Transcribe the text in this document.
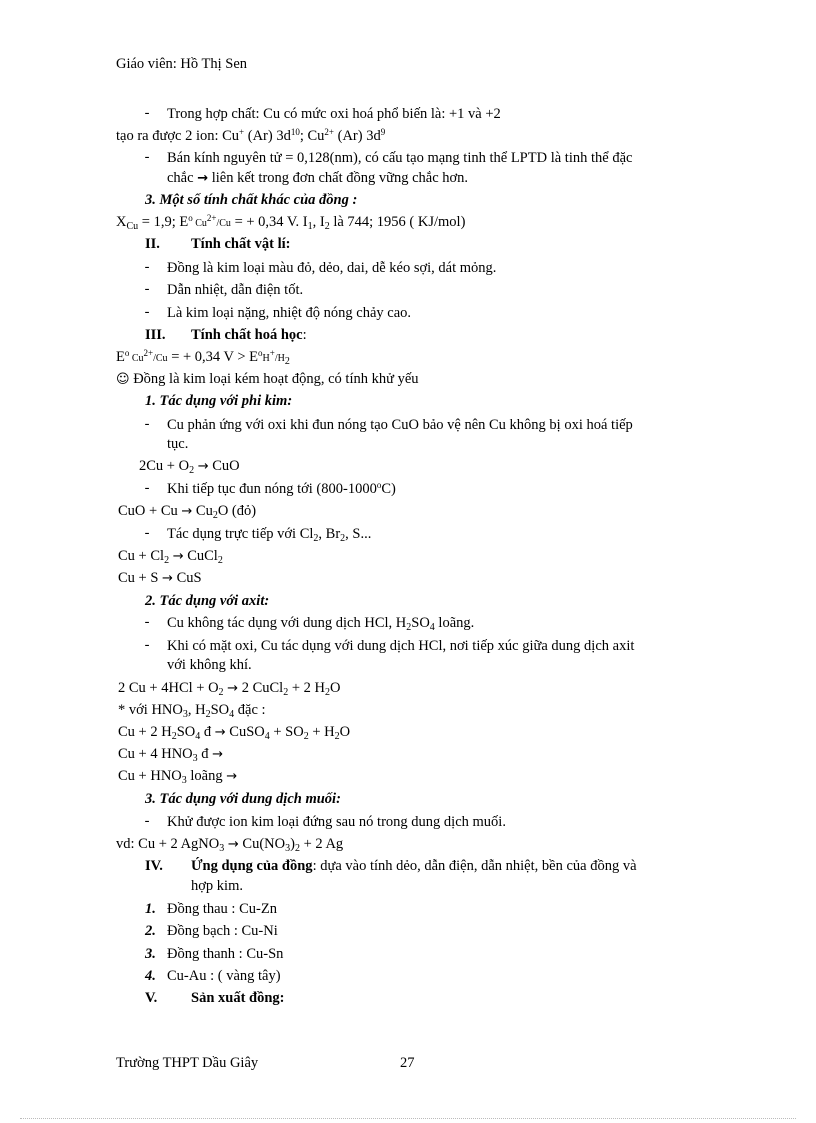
Giáo viên: Hồ Thị Sen
- Trong hợp chất: Cu có mức oxi hoá phổ biến là: +1 và +2
tạo ra được 2 ion: Cu+ (Ar) $3d^{10}$; $Cu^{2+}$ (Ar) $3d^9$
- Bán kính nguyên tử = 0,128(nm), có cấu tạo mạng tinh thể LPTD là tinh thể đặc
chắc → liên kết trong đơn chất đồng vững chắc hơn.
3. Một số tính chất khác của đồng :
$X_{Cu} = 1,9$; $E^o$ $Cu^{2+}/Cu$ = + 0,34 V. $I_1$, $I_2$ là 744; 1956 ( KJ/mol)
II. Tính chất vật lí:
- Đồng là kim loại màu đỏ, dẻo, dai, dễ kéo sợi, dát mỏng.
- Dẫn nhiệt, dẫn điện tốt.
- Là kim loại nặng, nhiệt độ nóng chảy cao.
III. Tính chất hoá học:
$E^o$ $Cu^{2+}/Cu$ = + 0,34 $V > E^oH^+/H_2$
☺ Đồng là kim loại kém hoạt động, có tính khử yếu
1. Tác dụng với phi kim:
- Cu phản ứng với oxi khi đun nóng tạo CuO bảo vệ nên Cu không bị oxi hoá tiếp
tục.
$2Cu + O_2$ → CuO
- Khi tiếp tục đun nóng tới (800-1000$^o$C)
CuO + $Cu \to Cu_2O$ (đỏ)
- Tác dụng trực tiếp với $Cl_2$, $Br_2$, S...
$Cu + Cl_2$ → CuCl$_2$
Cu + S → CuS
2. Tác dụng với axit:
- Cu không tác dụng với dung dịch HCl, $H_2SO_4$ loãng.
- Khi có mặt oxi, Cu tác dụng với dung dịch HCl, nơi tiếp xúc giữa dung dịch axit
với không khí.
2 $Cu + 4HCl + O_2 \to 2$ CuCl$_2$ + 2 $H_2O$
* với $HNO_3$, $H_2SO_4$ đặc :
Cu + 2 $H_2SO_4$ đ → CuSO$_4$ + $SO_2 + H_2O$
Cu + 4 $HNO_3$ đ →
$Cu + HNO_3$ loãng →
3. Tác dụng với dung dịch muối:
- Khử được ion kim loại đứng sau nó trong dung dịch muối.
vd: Cu + 2 AgNO$_3$ → $Cu(NO_3)_2 + 2$ Ag
IV. Ứng dụng của đồng: dựa vào tính dẻo, dẫn điện, dẫn nhiệt, bền của đồng và
hợp kim.
1. Đồng thau : Cu-Zn
2. Đồng bạch : Cu-Ni
3. Đồng thanh : Cu-Sn
4. Cu-Au : ( vàng tây)
V. Sản xuất đồng:
Trường THPT Dầu Giây	27
